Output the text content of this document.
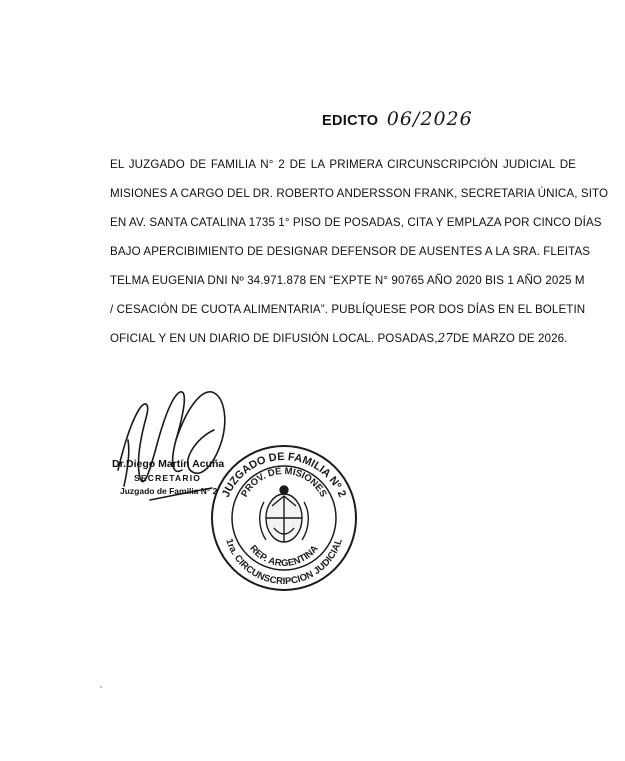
EDICTO 06/2026
EL JUZGADO DE FAMILIA N° 2 DE LA PRIMERA CIRCUNSCRIPCIÓN JUDICIAL DE
MISIONES A CARGO DEL DR. ROBERTO ANDERSSON FRANK, SECRETARIA ÚNICA, SITO
EN AV. SANTA CATALINA 1735 1° PISO DE POSADAS, CITA Y EMPLAZA POR CINCO DÍAS
BAJO APERCIBIMIENTO DE DESIGNAR DEFENSOR DE AUSENTES A LA SRA. FLEITAS
TELMA EUGENIA DNI Nº 34.971.878 EN “EXPTE N° 90765 AÑO 2020 BIS 1 AÑO 2025 M
/ CESACIÓN DE CUOTA ALIMENTARIA”. PUBLÍQUESE POR DOS DÍAS EN EL BOLETIN
OFICIAL Y EN UN DIARIO DE DIFUSIÓN LOCAL. POSADAS,27DE MARZO DE 2026.
Dr.Diego Martín Acuña
SECRETARIO
Juzgado de Familia N° 2 JUZGADO DE FAMILIA Nº 2
1ra. CIRCUNSCRIPCION JUDICIAL
PROV. DE MISIONES
REP. ARGENTINA
